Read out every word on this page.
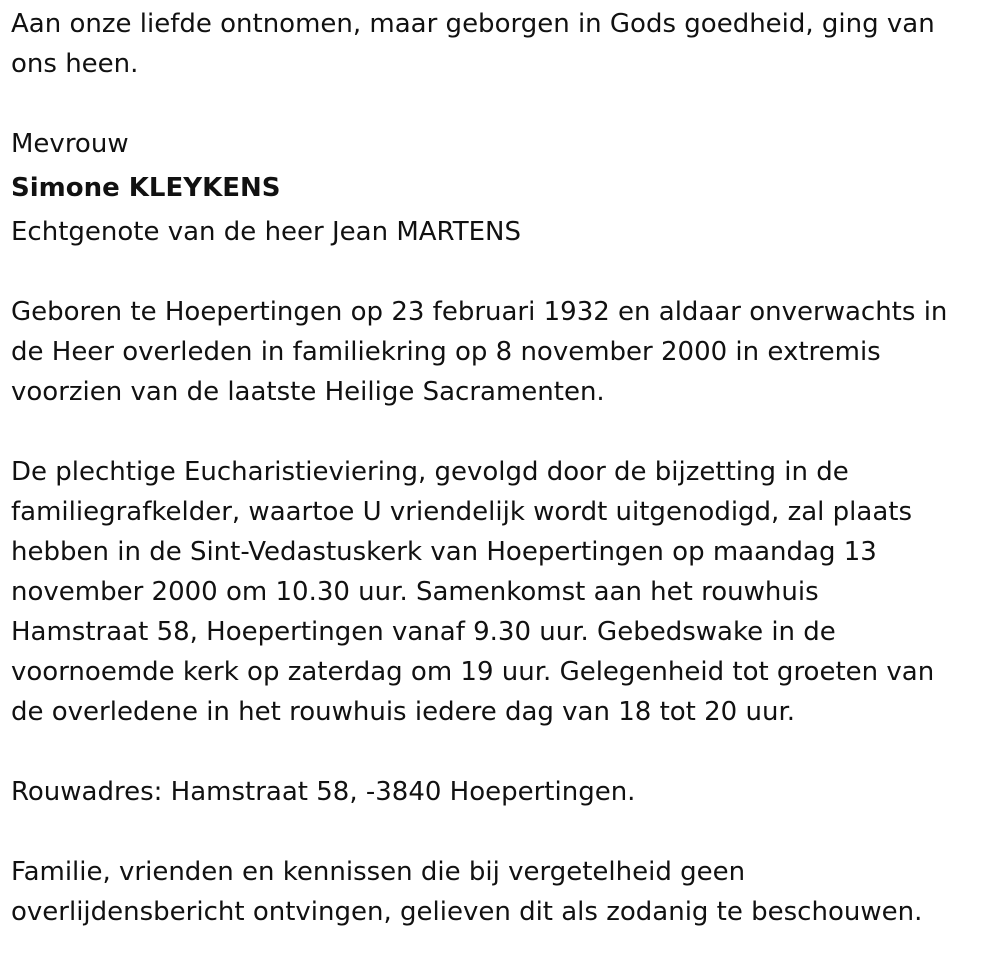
Aan onze liefde ontnomen, maar geborgen in Gods goedheid, ging van

ons heen.

Mevrouw

Simone KLEYKENS

Echtgenote van de heer Jean MARTENS

Geboren te Hoepertingen op 23 februari 1932 en aldaar onverwachts in

de Heer overleden in familiekring op 8 november 2000 in extremis

voorzien van de laatste Heilige Sacramenten.

De plechtige Eucharistieviering, gevolgd door de bijzetting in de

familiegrafkelder, waartoe U vriendelijk wordt uitgenodigd, zal plaats

hebben in de Sint-Vedastuskerk van Hoepertingen op maandag 13

november 2000 om 10.30 uur. Samenkomst aan het rouwhuis

Hamstraat 58, Hoepertingen vanaf 9.30 uur. Gebedswake in de

voornoemde kerk op zaterdag om 19 uur. Gelegenheid tot groeten van

de overledene in het rouwhuis iedere dag van 18 tot 20 uur.

Rouwadres: Hamstraat 58, -3840 Hoepertingen.

Familie, vrienden en kennissen die bij vergetelheid geen

overlijdensbericht ontvingen, gelieven dit als zodanig te beschouwen.
